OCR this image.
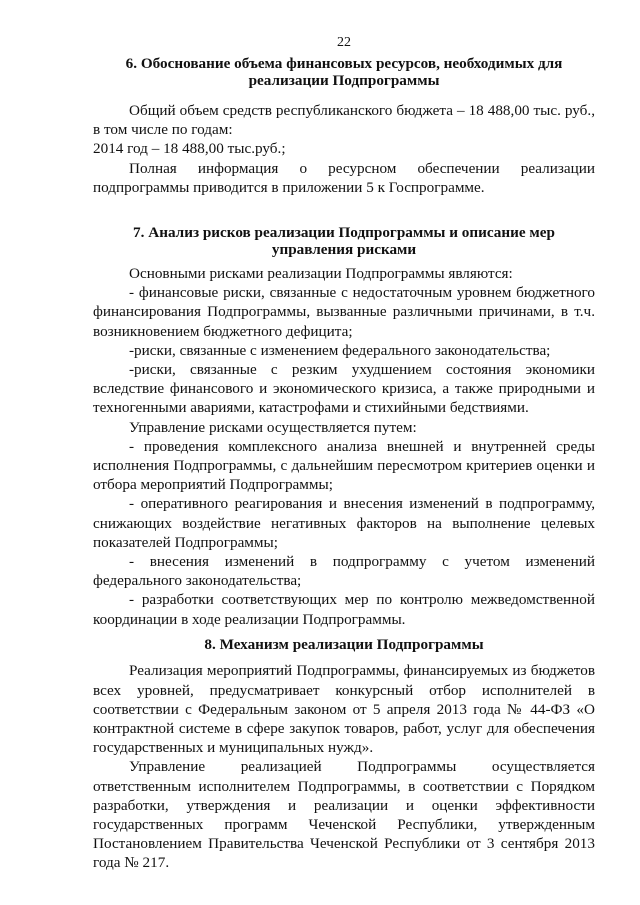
22
6. Обоснование объема финансовых ресурсов, необходимых для
реализации Подпрограммы

Общий объем средств республиканского бюджета – 18 488,00 тыс. руб., в том числе по годам:

2014 год – 18 488,00 тыс.руб.;

Полная информация о ресурсном обеспечении реализации подпрограммы приводится в приложении 5 к Госпрограмме.

7. Анализ рисков реализации Подпрограммы и описание мер
управления рисками

Основными рисками реализации Подпрограммы являются:

- финансовые риски, связанные с недостаточным уровнем бюджетного финансирования Подпрограммы, вызванные различными причинами, в т.ч. возникновением бюджетного дефицита;

-риски, связанные с изменением федерального законодательства;

-риски, связанные с резким ухудшением состояния экономики вследствие финансового и экономического кризиса, а также природными и техногенными авариями, катастрофами и стихийными бедствиями.

Управление рисками осуществляется путем:

- проведения комплексного анализа внешней и внутренней среды исполнения Подпрограммы, с дальнейшим пересмотром критериев оценки и отбора мероприятий Подпрограммы;

- оперативного реагирования и внесения изменений в подпрограмму, снижающих воздействие негативных факторов на выполнение целевых показателей Подпрограммы;

- внесения изменений в подпрограмму с учетом изменений федерального законодательства;

- разработки соответствующих мер по контролю межведомственной координации в ходе реализации Подпрограммы.

8. Механизм реализации Подпрограммы

Реализация мероприятий Подпрограммы, финансируемых из бюджетов всех уровней, предусматривает конкурсный отбор исполнителей в соответствии с Федеральным законом от 5 апреля 2013 года № 44-ФЗ «О контрактной системе в сфере закупок товаров, работ, услуг для обеспечения государственных и муниципальных нужд».

Управление реализацией Подпрограммы осуществляется ответственным исполнителем Подпрограммы, в соответствии с Порядком разработки, утверждения и реализации и оценки эффективности государственных программ Чеченской Республики, утвержденным Постановлением Правительства Чеченской Республики от 3 сентября 2013 года № 217.
